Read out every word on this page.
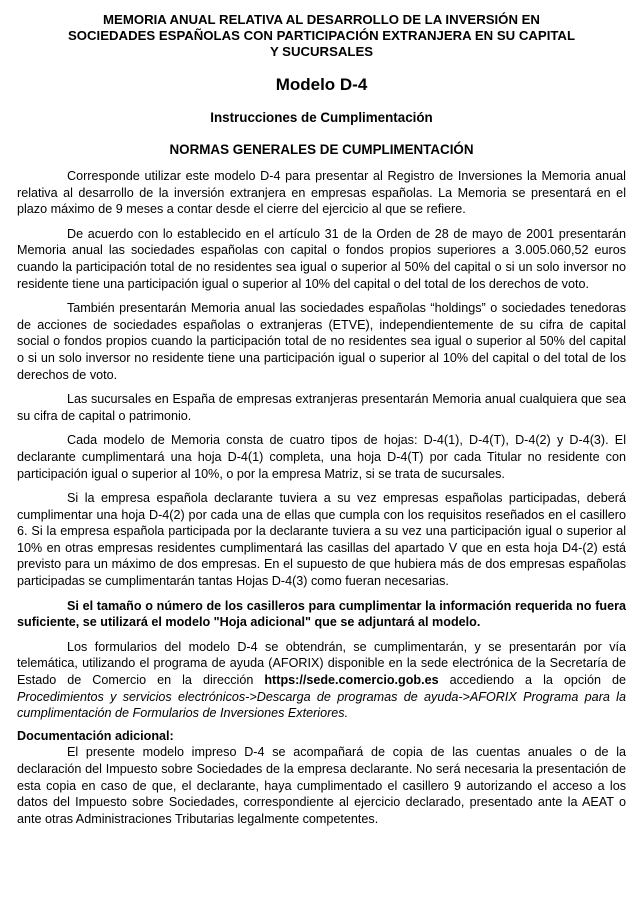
MEMORIA ANUAL RELATIVA AL DESARROLLO DE LA INVERSIÓN EN
SOCIEDADES ESPAÑOLAS CON PARTICIPACIÓN EXTRANJERA EN SU CAPITAL
Y SUCURSALES
Modelo D-4
Instrucciones de Cumplimentación
NORMAS GENERALES DE CUMPLIMENTACIÓN

Corresponde utilizar este modelo D-4 para presentar al Registro de Inversiones la Memoria anual relativa al desarrollo de la inversión extranjera en empresas españolas. La Memoria se presentará en el plazo máximo de 9 meses a contar desde el cierre del ejercicio al que se refiere.

De acuerdo con lo establecido en el artículo 31 de la Orden de 28 de mayo de 2001 presentarán Memoria anual las sociedades españolas con capital o fondos propios superiores a 3.005.060,52 euros cuando la participación total de no residentes sea igual o superior al 50% del capital o si un solo inversor no residente tiene una participación igual o superior al 10% del capital o del total de los derechos de voto.

También presentarán Memoria anual las sociedades españolas “holdings” o sociedades tenedoras de acciones de sociedades españolas o extranjeras (ETVE), independientemente de su cifra de capital social o fondos propios cuando la participación total de no residentes sea igual o superior al 50% del capital o si un solo inversor no residente tiene una participación igual o superior al 10% del capital o del total de los derechos de voto.

Las sucursales en España de empresas extranjeras presentarán Memoria anual cualquiera que sea su cifra de capital o patrimonio.

Cada modelo de Memoria consta de cuatro tipos de hojas: D-4(1), D-4(T), D-4(2) y D-4(3). El declarante cumplimentará una hoja D-4(1) completa, una hoja D-4(T) por cada Titular no residente con participación igual o superior al 10%, o por la empresa Matriz, si se trata de sucursales.

Si la empresa española declarante tuviera a su vez empresas españolas participadas, deberá cumplimentar una hoja D-4(2) por cada una de ellas que cumpla con los requisitos reseñados en el casillero 6. Si la empresa española participada por la declarante tuviera a su vez una participación igual o superior al 10% en otras empresas residentes cumplimentará las casillas del apartado V que en esta hoja D4-(2) está previsto para un máximo de dos empresas. En el supuesto de que hubiera más de dos empresas españolas participadas se cumplimentarán tantas Hojas D-4(3) como fueran necesarias.

Si el tamaño o número de los casilleros para cumplimentar la información requerida no fuera suficiente, se utilizará el modelo "Hoja adicional" que se adjuntará al modelo.

Los formularios del modelo D-4 se obtendrán, se cumplimentarán, y se presentarán por vía telemática, utilizando el programa de ayuda (AFORIX) disponible en la sede electrónica de la Secretaría de Estado de Comercio en la dirección https://sede.comercio.gob.es accediendo a la opción de Procedimientos y servicios electrónicos->Descarga de programas de ayuda->AFORIX Programa para la cumplimentación de Formularios de Inversiones Exteriores.

Documentación adicional:

El presente modelo impreso D-4 se acompañará de copia de las cuentas anuales o de la declaración del Impuesto sobre Sociedades de la empresa declarante. No será necesaria la presentación de esta copia en caso de que, el declarante, haya cumplimentado el casillero 9 autorizando el acceso a los datos del Impuesto sobre Sociedades, correspondiente al ejercicio declarado, presentado ante la AEAT o ante otras Administraciones Tributarias legalmente competentes.
